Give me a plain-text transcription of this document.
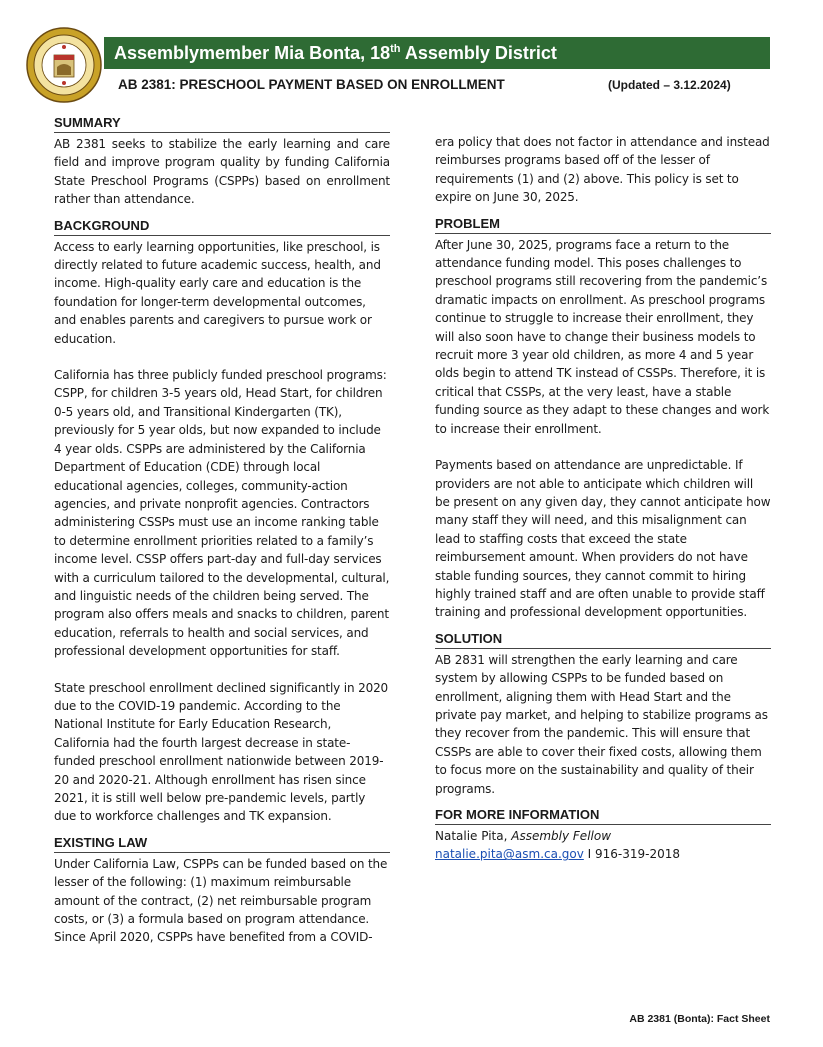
Assemblymember Mia Bonta, 18th Assembly District
AB 2381: PRESCHOOL PAYMENT BASED ON ENROLLMENT	(Updated – 3.12.2024)
SUMMARY

AB 2381 seeks to stabilize the early learning and care field and improve program quality by funding California State Preschool Programs (CSPPs) based on enrollment rather than attendance.

BACKGROUND

Access to early learning opportunities, like preschool, is directly related to future academic success, health, and income. High-quality early care and education is the foundation for longer-term developmental outcomes, and enables parents and caregivers to pursue work or education.

California has three publicly funded preschool programs: CSPP, for children 3-5 years old, Head Start, for children 0-5 years old, and Transitional Kindergarten (TK), previously for 5 year olds, but now expanded to include 4 year olds. CSPPs are administered by the California Department of Education (CDE) through local educational agencies, colleges, community-action agencies, and private nonprofit agencies. Contractors administering CSSPs must use an income ranking table to determine enrollment priorities related to a family’s income level. CSSP offers part-day and full-day services with a curriculum tailored to the developmental, cultural, and linguistic needs of the children being served. The program also offers meals and snacks to children, parent education, referrals to health and social services, and professional development opportunities for staff.

State preschool enrollment declined significantly in 2020 due to the COVID-19 pandemic. According to the National Institute for Early Education Research, California had the fourth largest decrease in state-funded preschool enrollment nationwide between 2019-20 and 2020-21. Although enrollment has risen since 2021, it is still well below pre-pandemic levels, partly due to workforce challenges and TK expansion.

EXISTING LAW

Under California Law, CSPPs can be funded based on the lesser of the following: (1) maximum reimbursable amount of the contract, (2) net reimbursable program costs, or (3) a formula based on program attendance. Since April 2020, CSPPs have benefited from a COVID-

era policy that does not factor in attendance and instead reimburses programs based off of the lesser of requirements (1) and (2) above. This policy is set to expire on June 30, 2025.

PROBLEM

After June 30, 2025, programs face a return to the attendance funding model. This poses challenges to preschool programs still recovering from the pandemic’s dramatic impacts on enrollment. As preschool programs continue to struggle to increase their enrollment, they will also soon have to change their business models to recruit more 3 year old children, as more 4 and 5 year olds begin to attend TK instead of CSSPs. Therefore, it is critical that CSSPs, at the very least, have a stable funding source as they adapt to these changes and work to increase their enrollment.

Payments based on attendance are unpredictable. If providers are not able to anticipate which children will be present on any given day, they cannot anticipate how many staff they will need, and this misalignment can lead to staffing costs that exceed the state reimbursement amount. When providers do not have stable funding sources, they cannot commit to hiring highly trained staff and are often unable to provide staff training and professional development opportunities.

SOLUTION

AB 2831 will strengthen the early learning and care system by allowing CSPPs to be funded based on enrollment, aligning them with Head Start and the private pay market, and helping to stabilize programs as they recover from the pandemic. This will ensure that CSSPs are able to cover their fixed costs, allowing them to focus more on the sustainability and quality of their programs.

FOR MORE INFORMATION
Natalie Pita, Assembly Fellow
natalie.pita@asm.ca.gov I 916-319-2018
AB 2381 (Bonta): Fact Sheet
